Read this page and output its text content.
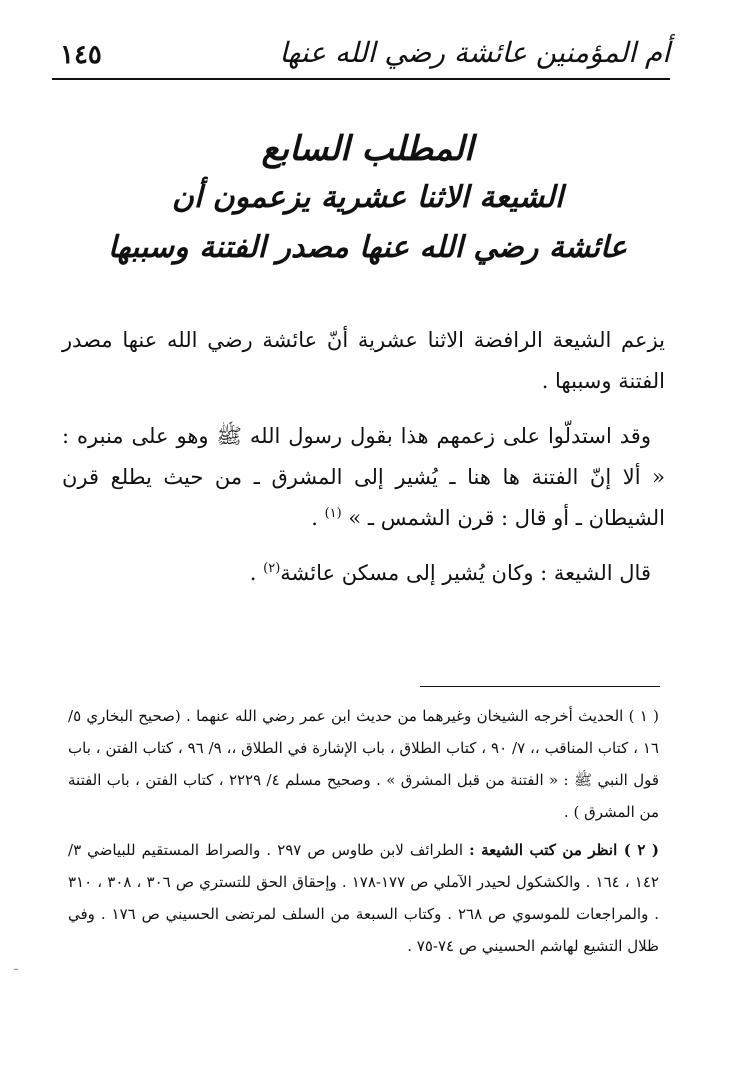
أم المؤمنين عائشة رضي الله عنها
١٤٥
المطلب السابع
الشيعة الاثنا عشرية يزعمون أن
عائشة رضي الله عنها مصدر الفتنة وسببها

يزعم الشيعة الرافضة الاثنا عشرية أنّ عائشة رضي الله عنها مصدر الفتنة وسببها .

وقد استدلّوا على زعمهم هذا بقول رسول الله ﷺ وهو على منبره : « ألا إنّ الفتنة ها هنا ـ يُشير إلى المشرق ـ من حيث يطلع قرن الشيطان ـ أو قال : قرن الشمس ـ » $^{(١)}$ .

قال الشيعة : وكان يُشير إلى مسكن عائشة$^{(٢)}$ .

( ١ ) الحديث أخرجه الشيخان وغيرهما من حديث ابن عمر رضي الله عنهما . (صحيح البخاري ٥/ ١٦ ، كتاب المناقب ،، ٧/ ٩٠ ، كتاب الطلاق ، باب الإشارة في الطلاق ،، ٩/ ٩٦ ، كتاب الفتن ، باب قول النبي ﷺ : « الفتنة من قبل المشرق » . وصحيح مسلم ٤/ ٢٢٢٩ ، كتاب الفتن ، باب الفتنة من المشرق ) .

( ٢ ) انظر من كتب الشيعة : الطرائف لابن طاوس ص ٢٩٧ . والصراط المستقيم للبياضي ٣/ ١٤٢ ، ١٦٤ . والكشكول لحيدر الآملي ص ١٧٧-١٧٨ . وإحقاق الحق للتستري ص ٣٠٦ ، ٣٠٨ ، ٣١٠ . والمراجعات للموسوي ص ٢٦٨ . وكتاب السبعة من السلف لمرتضى الحسيني ص ١٧٦ . وفي ظلال التشيع لهاشم الحسيني ص ٧٤-٧٥ .

ـ
